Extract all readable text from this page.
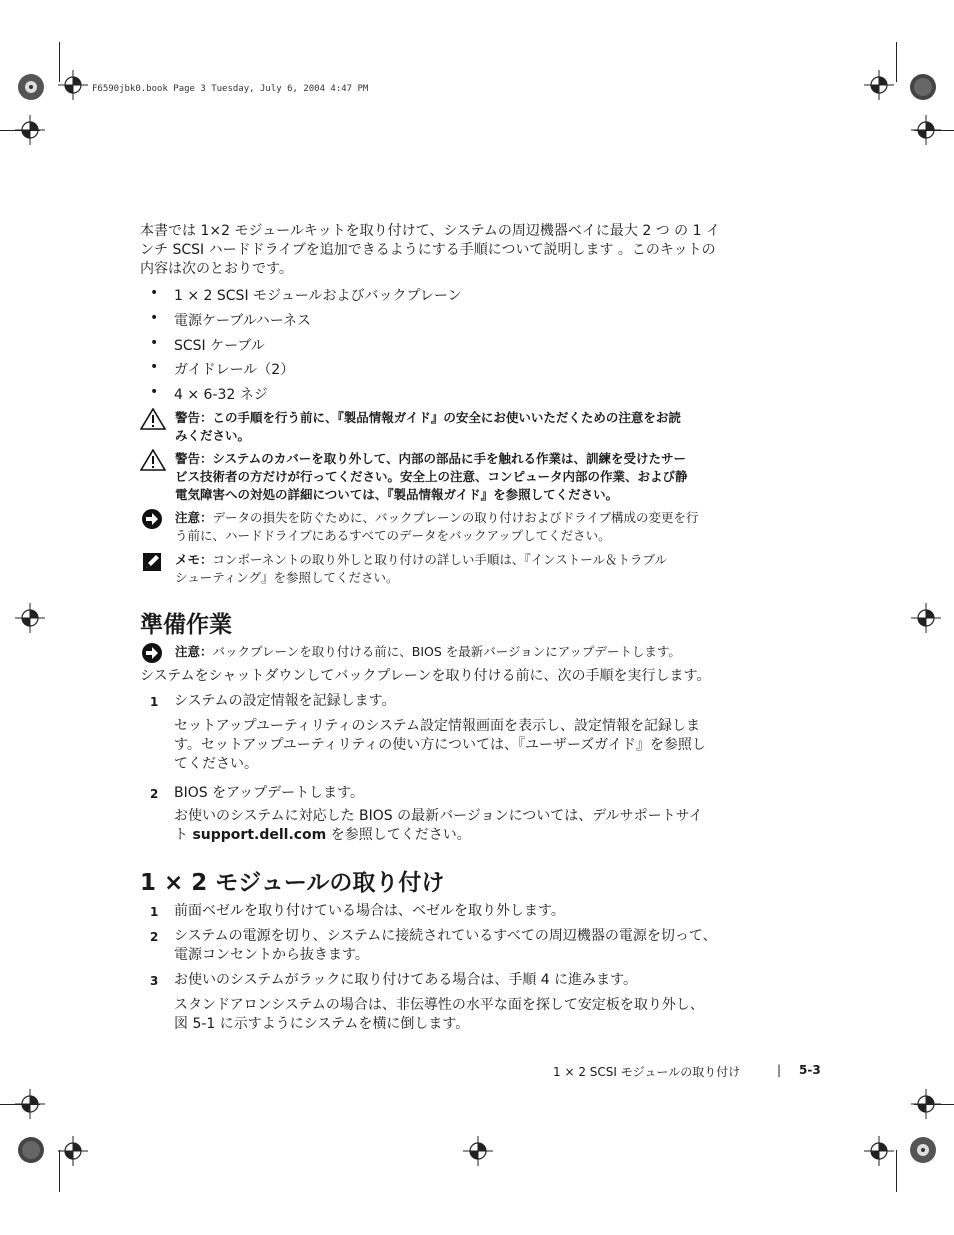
F6590jbk0.book Page 3 Tuesday, July 6, 2004 4:47 PM
本書では 1×2 モジュールキットを取り付けて、システムの周辺機器ベイに最大 2 つ の 1 イ
ンチ SCSI ハードドライブを追加できるようにする手順について説明します 。このキットの
内容は次のとおりです。
• 1 × 2 SCSI モジュールおよびバックプレーン
• 電源ケーブルハーネス
• SCSI ケーブル
• ガイドレール（2）
• 4 × 6-32 ネジ
警告：この手順を行う前に、『製品情報ガイド』の安全にお使いいただくための注意をお読
みください。
警告：システムのカバーを取り外して、内部の部品に手を触れる作業は、訓練を受けたサー
ビス技術者の方だけが行ってください。安全上の注意、コンピュータ内部の作業、および静
電気障害への対処の詳細については、『製品情報ガイド』を参照してください。
注意：データの損失を防ぐために、バックプレーンの取り付けおよびドライブ構成の変更を行
う前に、ハードドライブにあるすべてのデータをバックアップしてください。
メモ：コンポーネントの取り外しと取り付けの詳しい手順は、『インストール＆トラブル
シューティング』を参照してください。
準備作業
注意：バックプレーンを取り付ける前に、BIOS を最新バージョンにアップデートします。
システムをシャットダウンしてバックプレーンを取り付ける前に、次の手順を実行します。
1 システムの設定情報を記録します。
セットアップユーティリティのシステム設定情報画面を表示し、設定情報を記録しま
す。セットアップユーティリティの使い方については、『ユーザーズガイド』を参照し
てください。
2 BIOS をアップデートします。
お使いのシステムに対応した BIOS の最新バージョンについては、デルサポートサイ
ト support.dell.com を参照してください。
1 × 2 モジュールの取り付け
1 前面ベゼルを取り付けている場合は、ベゼルを取り外します。
2 システムの電源を切り、システムに接続されているすべての周辺機器の電源を切って、
電源コンセントから抜きます。
3 お使いのシステムがラックに取り付けてある場合は、手順 4 に進みます。
スタンドアロンシステムの場合は、非伝導性の水平な面を探して安定板を取り外し、
図 5-1 に示すようにシステムを横に倒します。
1 × 2 SCSI モジュールの取り付け	| 5-3
